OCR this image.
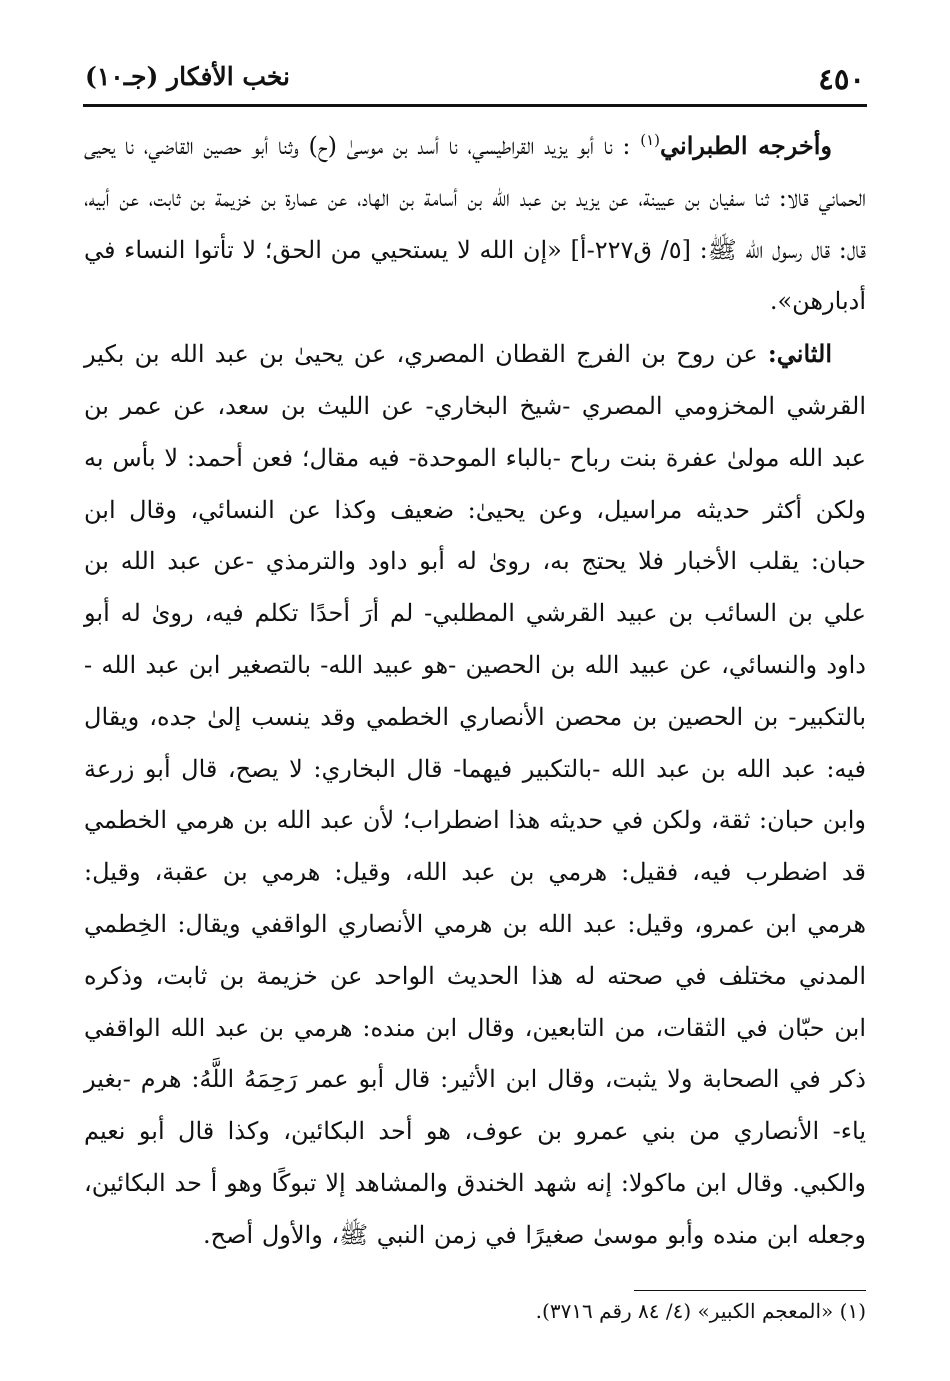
٤٥٠
نخب الأفكار (جـ١٠)

وأخرجه الطبراني$^{(١)}$ : نا أبو يزيد القراطيسي، نا أسد بن موسىٰ (ح) وثنا أبو حصين القاضي، نا يحيى الحماني قالا: ثنا سفيان بن عيينة، عن يزيد بن عبد الله بن أسامة بن الهاد، عن عمارة بن خزيمة بن ثابت، عن أبيه، قال: قال رسول الله ﷺ: [٥/ ق٢٢٧-أ] «إن الله لا يستحيي من الحق؛ لا تأتوا النساء في أدبارهن».

الثاني: عن روح بن الفرج القطان المصري، عن يحيىٰ بن عبد الله بن بكير القرشي المخزومي المصري -شيخ البخاري- عن الليث بن سعد، عن عمر بن عبد الله مولىٰ عفرة بنت رباح -بالباء الموحدة- فيه مقال؛ فعن أحمد: لا بأس به ولكن أكثر حديثه مراسيل، وعن يحيىٰ: ضعيف وكذا عن النسائي، وقال ابن حبان: يقلب الأخبار فلا يحتج به، روىٰ له أبو داود والترمذي -عن عبد الله بن علي بن السائب بن عبيد القرشي المطلبي- لم أرَ أحدًا تكلم فيه، روىٰ له أبو داود والنسائي، عن عبيد الله بن الحصين -هو عبيد الله- بالتصغير ابن عبد الله - بالتكبير- بن الحصين بن محصن الأنصاري الخطمي وقد ينسب إلىٰ جده، ويقال فيه: عبد الله بن عبد الله -بالتكبير فيهما- قال البخاري: لا يصح، قال أبو زرعة وابن حبان: ثقة، ولكن في حديثه هذا اضطراب؛ لأن عبد الله بن هرمي الخطمي قد اضطرب فيه، فقيل: هرمي بن عبد الله، وقيل: هرمي بن عقبة، وقيل: هرمي ابن عمرو، وقيل: عبد الله بن هرمي الأنصاري الواقفي ويقال: الخِطمي المدني مختلف في صحته له هذا الحديث الواحد عن خزيمة بن ثابت، وذكره ابن حبّان في الثقات، من التابعين، وقال ابن منده: هرمي بن عبد الله الواقفي ذكر في الصحابة ولا يثبت، وقال ابن الأثير: قال أبو عمر رَحِمَهُ اللَّهُ: هرم -بغير ياء- الأنصاري من بني عمرو بن عوف، هو أحد البكائين، وكذا قال أبو نعيم والكبي. وقال ابن ماكولا: إنه شهد الخندق والمشاهد إلا تبوكًا وهو أ حد البكائين، وجعله ابن منده وأبو موسىٰ صغيرًا في زمن النبي ﷺ، والأول أصح.

(١) «المعجم الكبير» (٤/ ٨٤ رقم ٣٧١٦).
